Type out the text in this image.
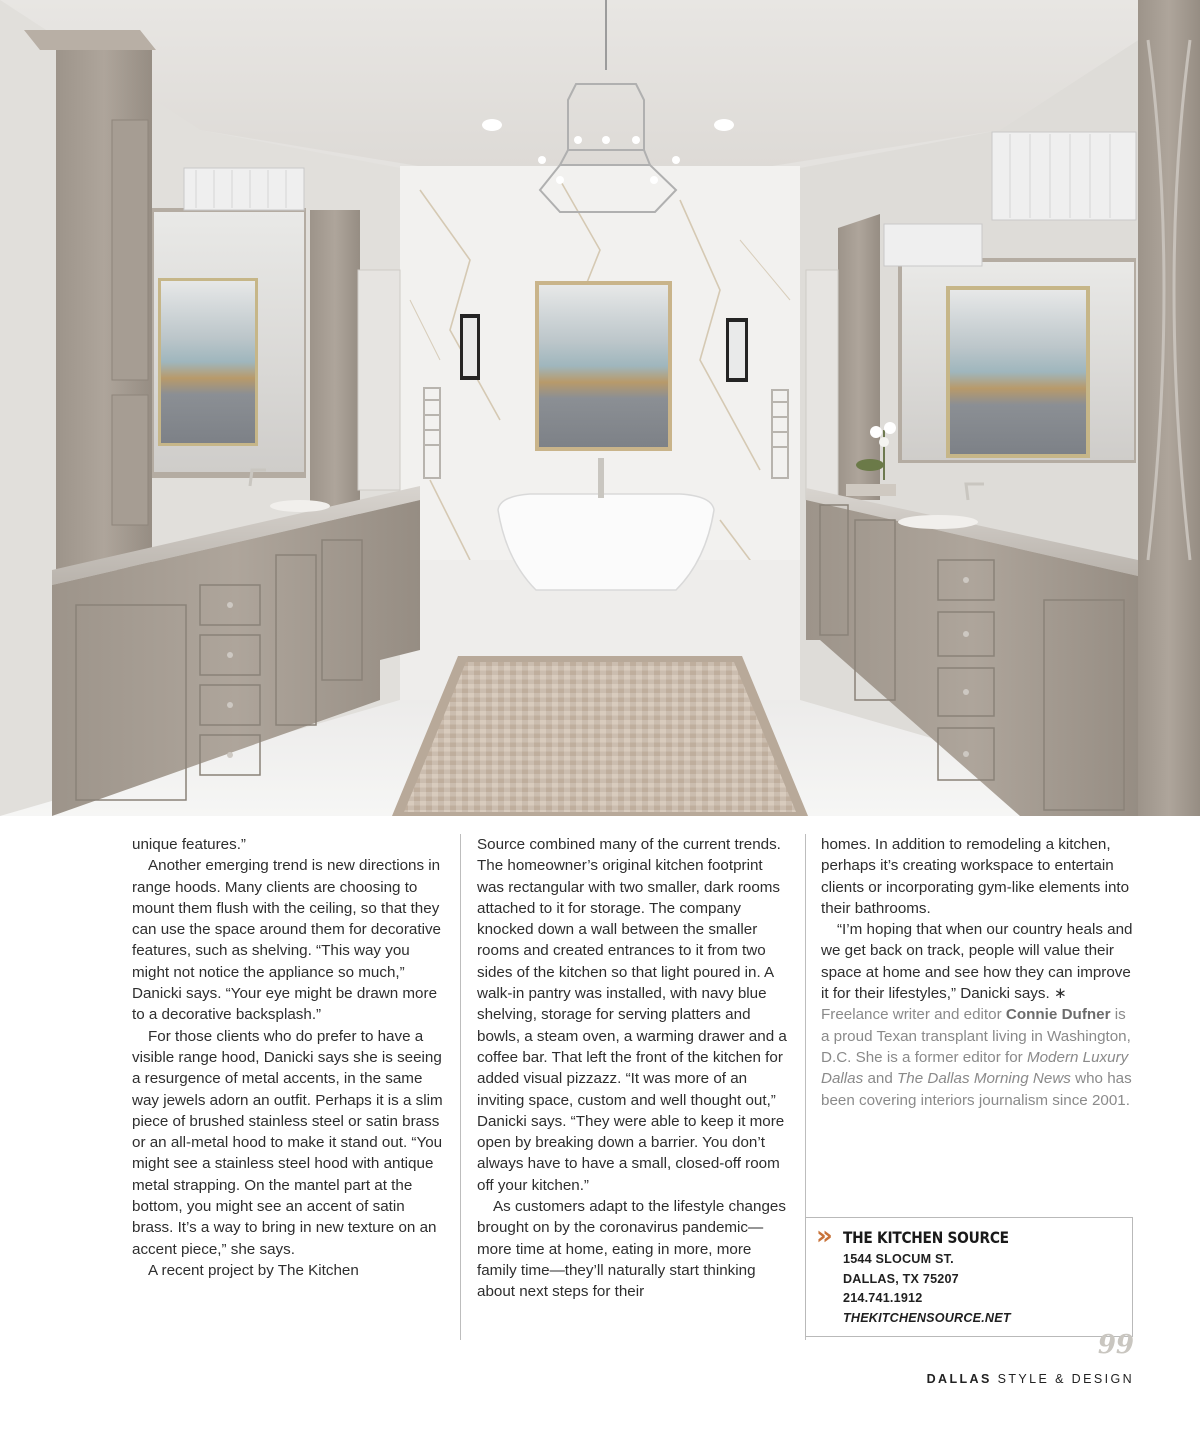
unique features.”

Another emerging trend is new directions in range hoods. Many clients are choosing to mount them flush with the ceiling, so that they can use the space around them for decorative features, such as shelving. “This way you might not notice the appliance so much,” Danicki says. “Your eye might be drawn more to a decorative backsplash.”

For those clients who do prefer to have a visible range hood, Danicki says she is seeing a resurgence of metal accents, in the same way jewels adorn an outfit. Perhaps it is a slim piece of brushed stainless steel or satin brass or an all-metal hood to make it stand out. “You might see a stainless steel hood with antique metal strapping. On the mantel part at the bottom, you might see an accent of satin brass. It’s a way to bring in new texture on an accent piece,” she says.

A recent project by The Kitchen

Source combined many of the current trends. The homeowner’s original kitchen footprint was rectangular with two smaller, dark rooms attached to it for storage. The company knocked down a wall between the smaller rooms and created entrances to it from two sides of the kitchen so that light poured in. A walk-in pantry was installed, with navy blue shelving, storage for serving platters and bowls, a steam oven, a warming drawer and a coffee bar. That left the front of the kitchen for added visual pizzazz. “It was more of an inviting space, custom and well thought out,” Danicki says. “They were able to keep it more open by breaking down a barrier. You don’t always have to have a small, closed-off room off your kitchen.”

As customers adapt to the lifestyle changes brought on by the coronavirus pandemic—more time at home, eating in more, more family time—they’ll naturally start thinking about next steps for their

homes. In addition to remodeling a kitchen, perhaps it’s creating workspace to entertain clients or incorporating gym-like elements into their bathrooms.

“I’m hoping that when our country heals and we get back on track, people will value their space at home and see how they can improve it for their lifestyles,” Danicki says. ∗

Freelance writer and editor Connie Dufner is a proud Texan transplant living in Washington, D.C. She is a former editor for Modern Luxury Dallas and The Dallas Morning News who has been covering interiors journalism since 2001.

» THE KITCHEN SOURCE
1544 SLOCUM ST.
DALLAS, TX 75207
214.741.1912
THEKITCHENSOURCE.NET
99
DALLAS STYLE & DESIGN
